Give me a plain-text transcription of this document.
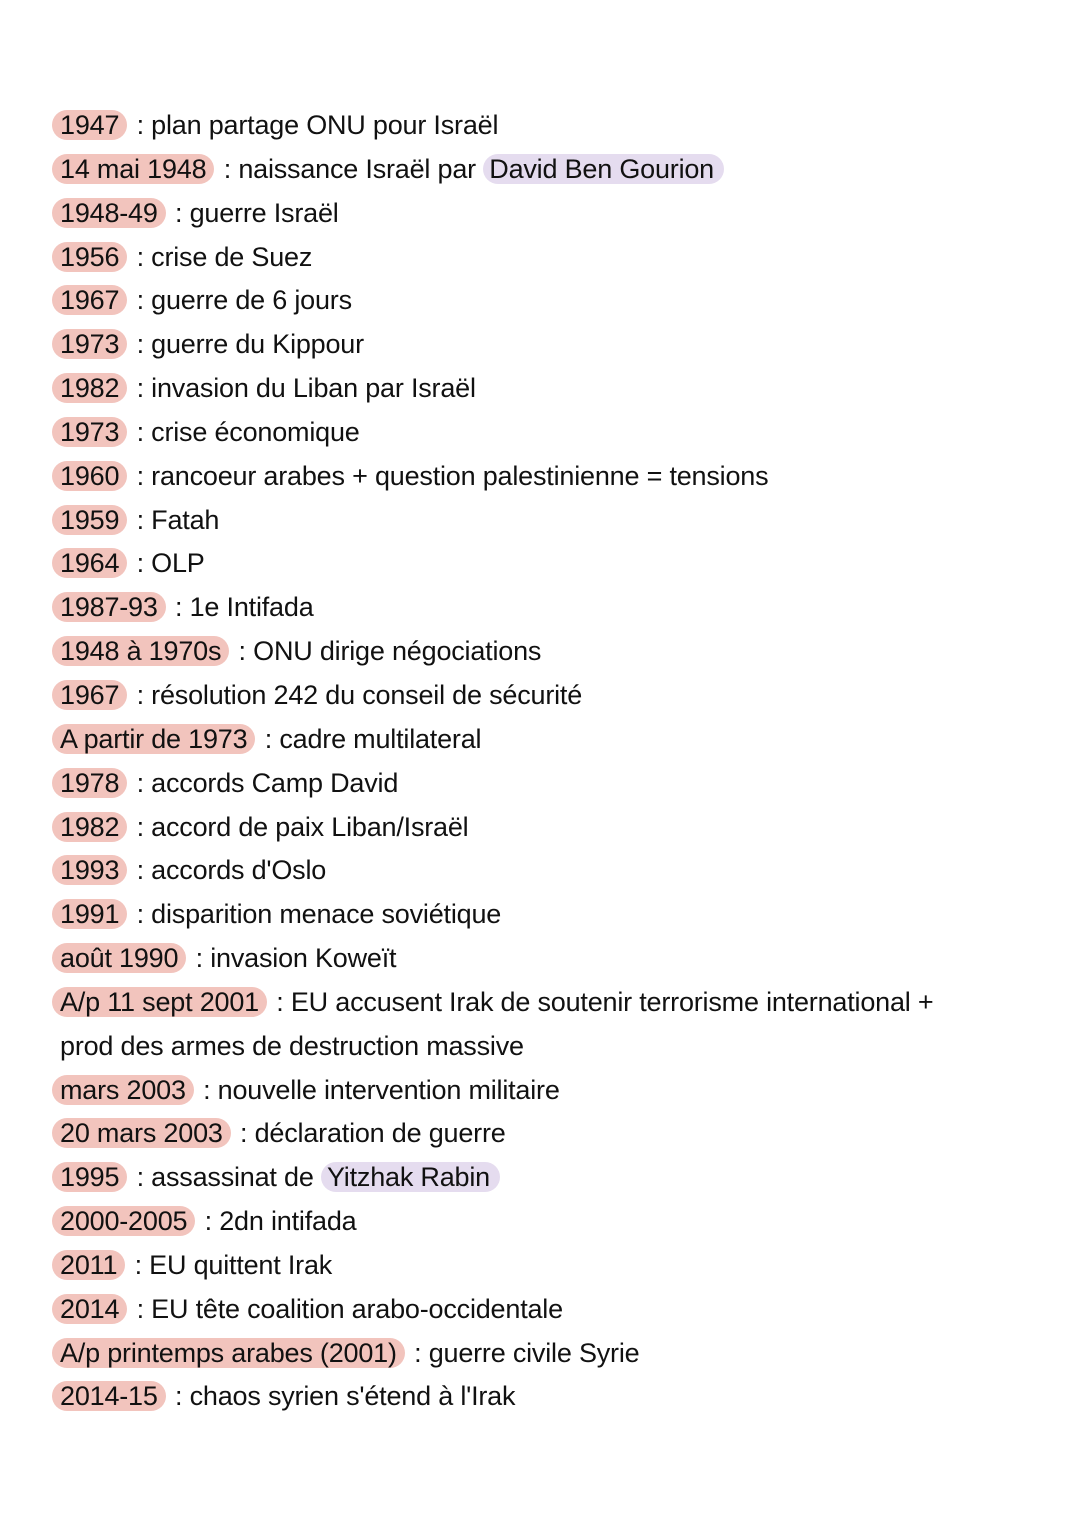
1947 : plan partage ONU pour Israël
14 mai 1948 : naissance Israël par David Ben Gourion
1948-49 : guerre Israël
1956 : crise de Suez
1967 : guerre de 6 jours
1973 : guerre du Kippour
1982 : invasion du Liban par Israël
1973 : crise économique
1960 : rancoeur arabes + question palestinienne = tensions
1959 : Fatah
1964 : OLP
1987-93 : 1e Intifada
1948 à 1970s : ONU dirige négociations
1967 : résolution 242 du conseil de sécurité
A partir de 1973 : cadre multilateral
1978 : accords Camp David
1982 : accord de paix Liban/Israël
1993 : accords d'Oslo
1991 : disparition menace soviétique
août 1990 : invasion Koweït
A/p 11 sept 2001 : EU accusent Irak de soutenir terrorisme international +
prod des armes de destruction massive
mars 2003 : nouvelle intervention militaire
20 mars 2003 : déclaration de guerre
1995 : assassinat de Yitzhak Rabin
2000-2005 : 2dn intifada
2011 : EU quittent Irak
2014 : EU tête coalition arabo-occidentale
A/p printemps arabes (2001) : guerre civile Syrie
2014-15 : chaos syrien s'étend à l'Irak
